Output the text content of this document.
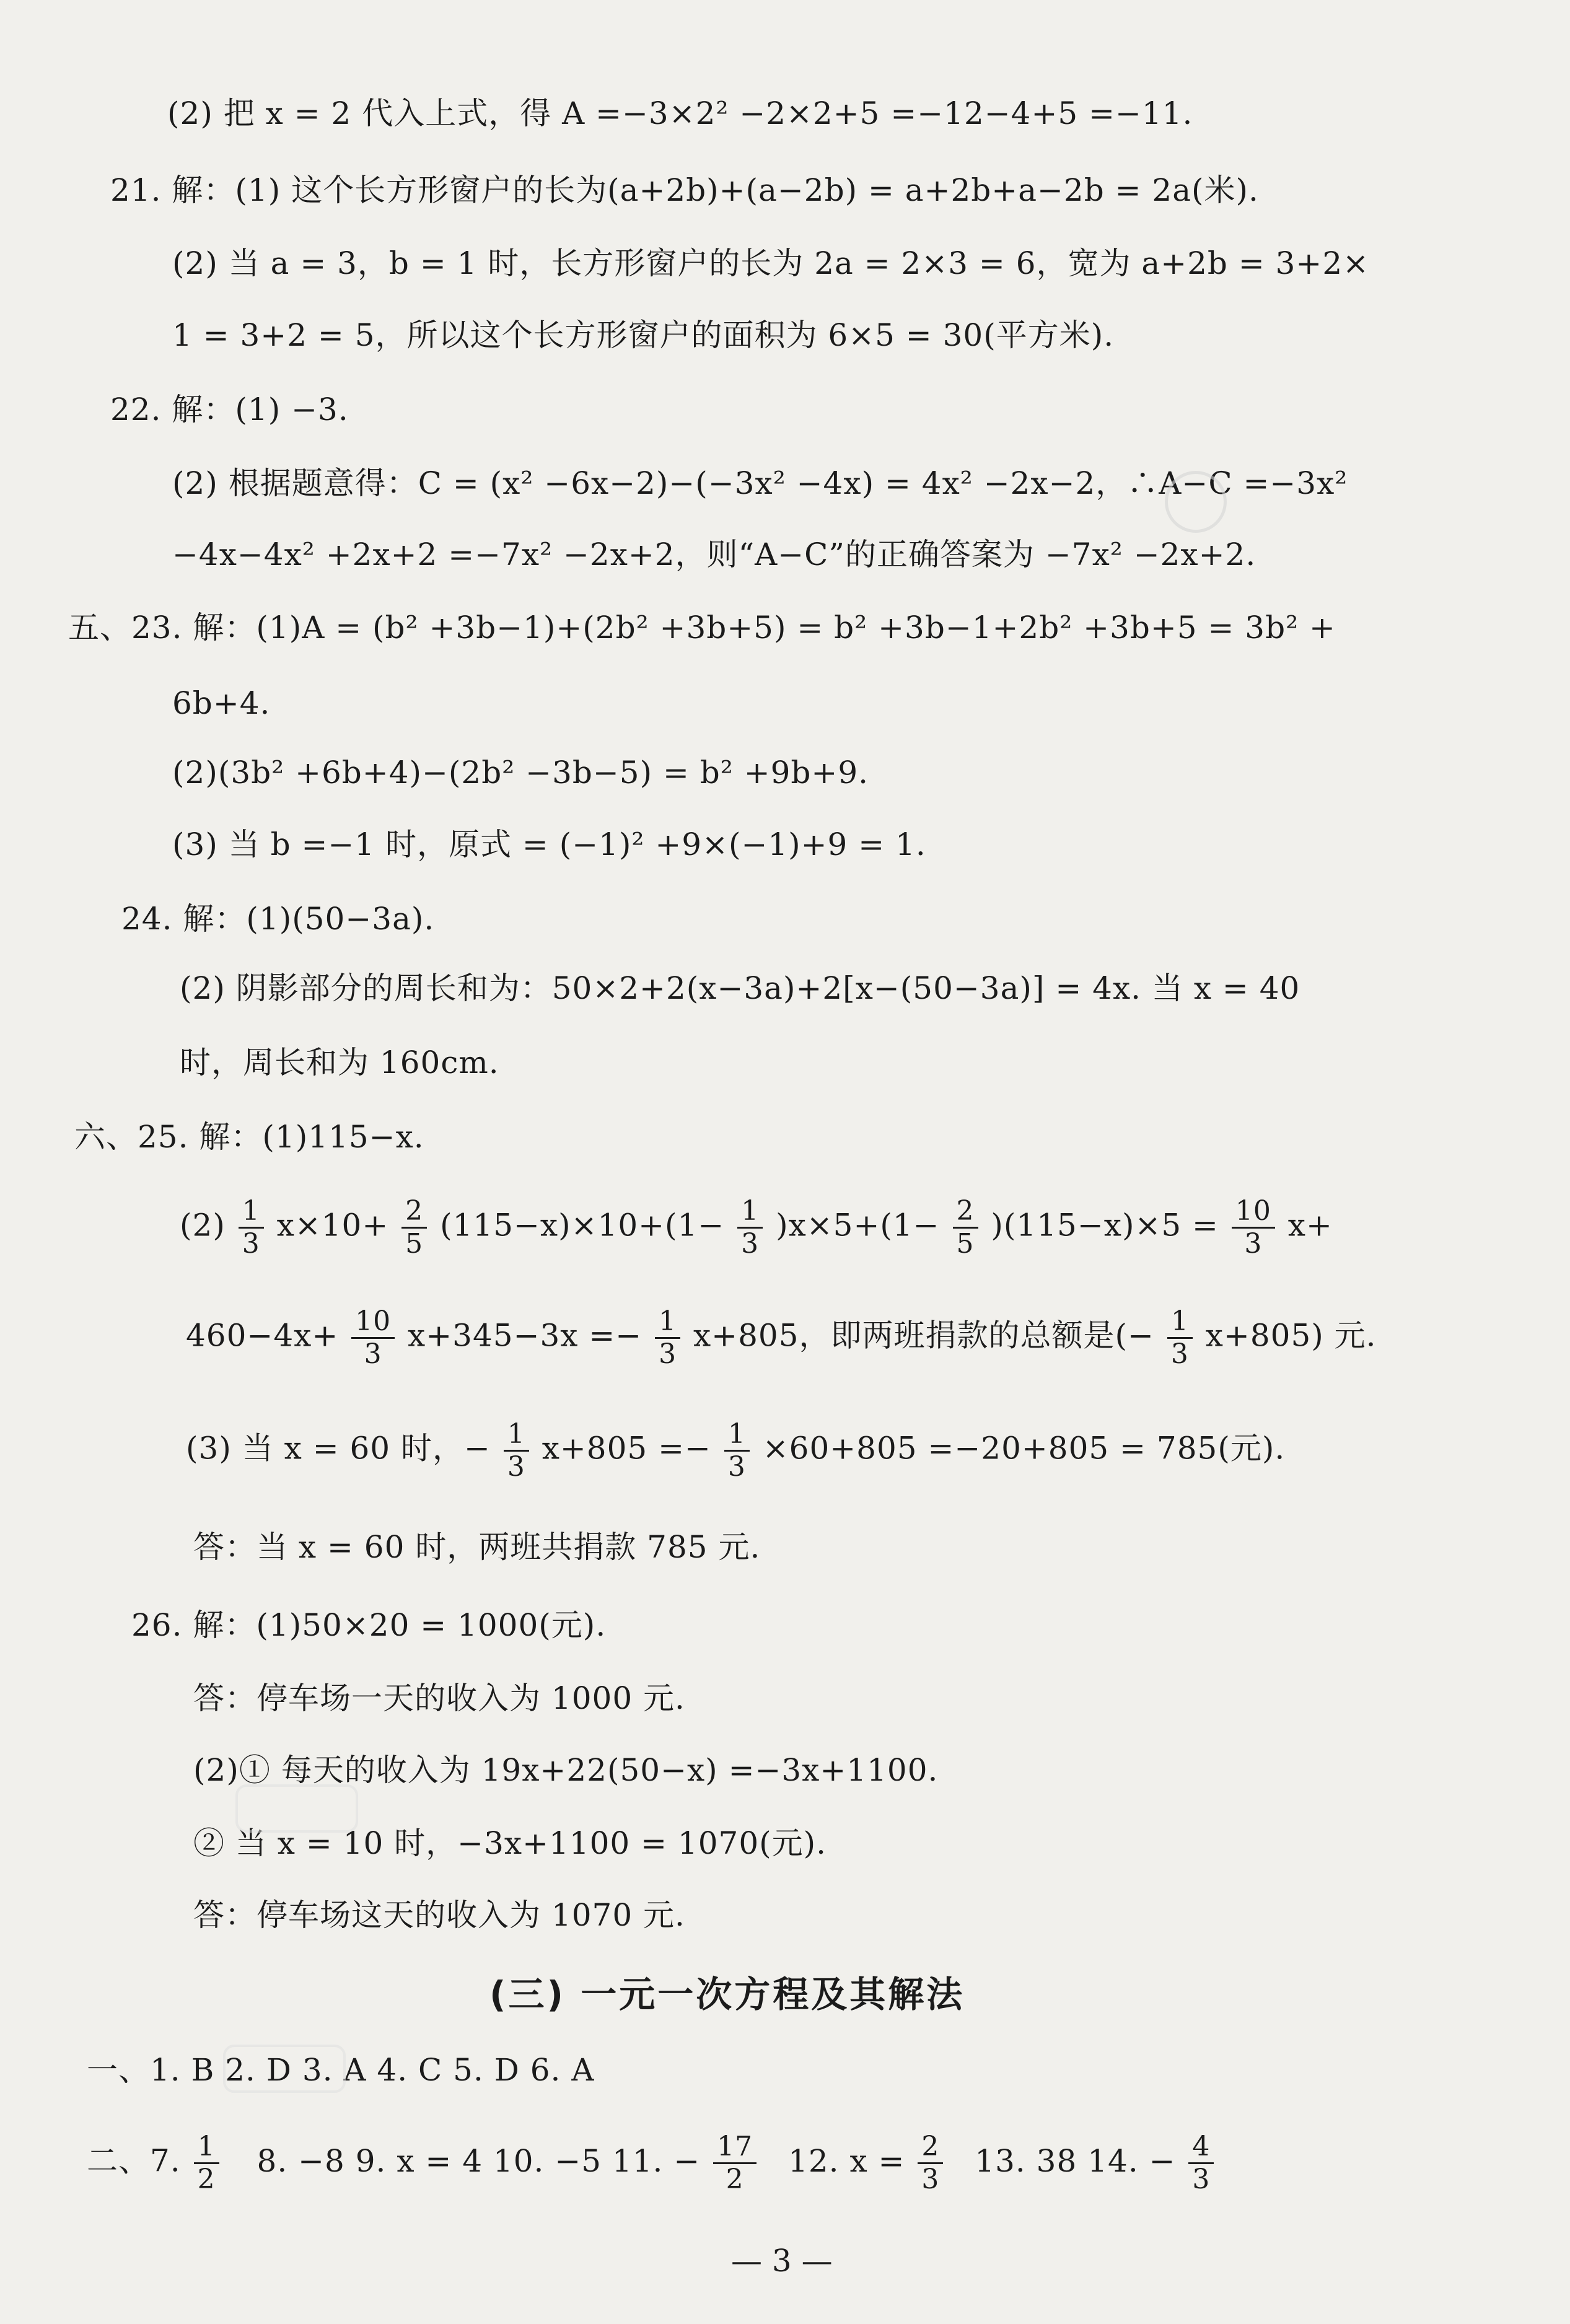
(2) 把 x = 2 代入上式，得 A =−3×2² −2×2+5 =−12−4+5 =−11.
21. 解：(1) 这个长方形窗户的长为(a+2b)+(a−2b) = a+2b+a−2b = 2a(米).
(2) 当 a = 3，b = 1 时，长方形窗户的长为 2a = 2×3 = 6，宽为 a+2b = 3+2×
1 = 3+2 = 5，所以这个长方形窗户的面积为 6×5 = 30(平方米).
22. 解：(1) −3.
(2) 根据题意得：C = (x² −6x−2)−(−3x² −4x) = 4x² −2x−2，∴A−C =−3x²
−4x−4x² +2x+2 =−7x² −2x+2，则“A−C”的正确答案为 −7x² −2x+2.
五、23. 解：(1)A = (b² +3b−1)+(2b² +3b+5) = b² +3b−1+2b² +3b+5 = 3b² +
6b+4.
(2)(3b² +6b+4)−(2b² −3b−5) = b² +9b+9.
(3) 当 b =−1 时，原式 = (−1)² +9×(−1)+9 = 1.
24. 解：(1)(50−3a).
(2) 阴影部分的周长和为：50×2+2(x−3a)+2[x−(50−3a)] = 4x. 当 x = 40
时，周长和为 160cm.
六、25. 解：(1)115−x.
$(2) \frac{1}{3} x\times 10+ \frac{2}{5} (115-x)\times 10+(1- \frac{1}{3} )x\times 5+(1- \frac{2}{5} )(115-x)\times 5 = \frac{10}{3} x+$
$460-4x+ \frac{10}{3} x+345-3x =- \frac{1}{3} x+805$，即两班捐款的总额是(− $\frac{1}{3} x+805$) 元.
(3) 当 x = 60 时，− $\frac{1}{3} x+805 =- \frac{1}{3} \times 60+805 =-20+805 = 785$(元).
答：当 x = 60 时，两班共捐款 785 元.
26. 解：(1)50×20 = 1000(元).
答：停车场一天的收入为 1000 元.
(2)① 每天的收入为 19x+22(50−x) =−3x+1100.
② 当 x = 10 时，−3x+1100 = 1070(元).
答：停车场这天的收入为 1070 元.
(三) 一元一次方程及其解法
一、1. B 2. D 3. A 4. C 5. D 6. A
二、7. $\frac{1}{2} 8$. −8 9. x = 4 10. −5 11. − $\frac{17}{2} 12$. $x = \frac{2}{3} 13$. 38 14. − $\frac{4}{3}$
— 3 —
